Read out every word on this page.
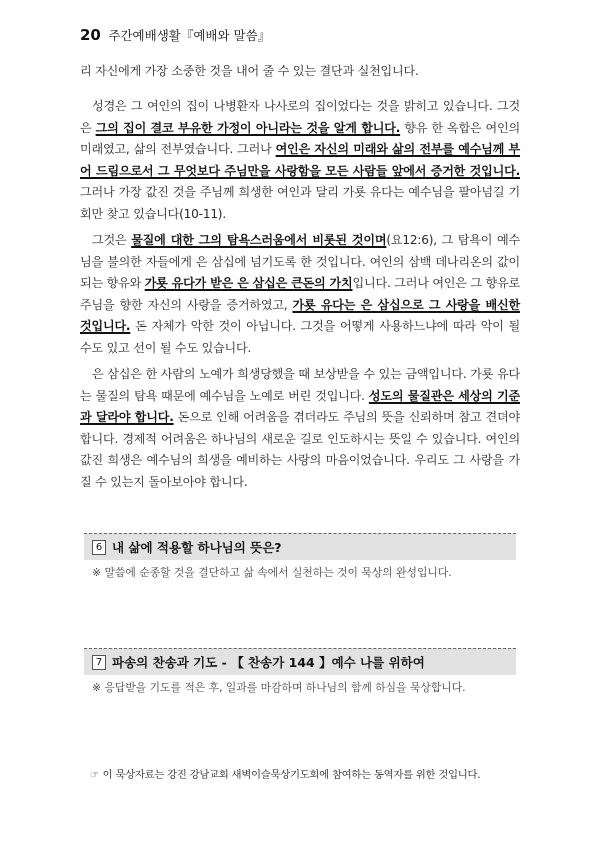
20 주간예배생활『예배와 말씀』

리 자신에게 가장 소중한 것을 내어 줄 수 있는 결단과 실천입니다.

성경은 그 여인의 집이 나병환자 나사로의 집이었다는 것을 밝히고 있습니다. 그것은 그의 집이 결코 부유한 가정이 아니라는 것을 알게 합니다. 향유 한 옥합은 여인의 미래였고, 삶의 전부였습니다. 그러나 여인은 자신의 미래와 삶의 전부를 예수님께 부어 드림으로서 그 무엇보다 주님만을 사랑함을 모든 사람들 앞에서 증거한 것입니다. 그러나 가장 값진 것을 주님께 희생한 여인과 달리 가룟 유다는 예수님을 팔아넘길 기회만 찾고 있습니다(10-11).

그것은 물질에 대한 그의 탐욕스러움에서 비롯된 것이며(요12:6), 그 탐욕이 예수님을 불의한 자들에게 은 삼십에 넘기도록 한 것입니다. 여인의 삼백 데나리온의 값이 되는 향유와 가룟 유다가 받은 은 삼십은 큰돈의 가치입니다. 그러나 여인은 그 향유로 주님을 향한 자신의 사랑을 증거하였고, 가룟 유다는 은 삼십으로 그 사랑을 배신한 것입니다. 돈 자체가 악한 것이 아닙니다. 그것을 어떻게 사용하느냐에 따라 악이 될 수도 있고 선이 될 수도 있습니다.

은 삼십은 한 사람의 노예가 희생당했을 때 보상받을 수 있는 금액입니다. 가룟 유다는 물질의 탐욕 때문에 예수님을 노예로 버린 것입니다. 성도의 물질관은 세상의 기준과 달라야 합니다. 돈으로 인해 어려움을 겪더라도 주님의 뜻을 신뢰하며 참고 견뎌야 합니다. 경제적 어려움은 하나님의 새로운 길로 인도하시는 뜻일 수 있습니다. 여인의 값진 희생은 예수님의 희생을 예비하는 사랑의 마음이었습니다. 우리도 그 사랑을 가질 수 있는지 돌아보아야 합니다.

6 내 삶에 적용할 하나님의 뜻은?
※ 말씀에 순종할 것을 결단하고 삶 속에서 실천하는 것이 묵상의 완성입니다.
7 파송의 찬송과 기도 - 【 찬송가 144 】예수 나를 위하여
※ 응답받을 기도를 적은 후, 일과를 마감하며 하나님의 함께 하심을 묵상합니다.
☞ 이 묵상자료는 강진 강남교회 새벽이슬묵상기도회에 참여하는 동역자를 위한 것입니다.
